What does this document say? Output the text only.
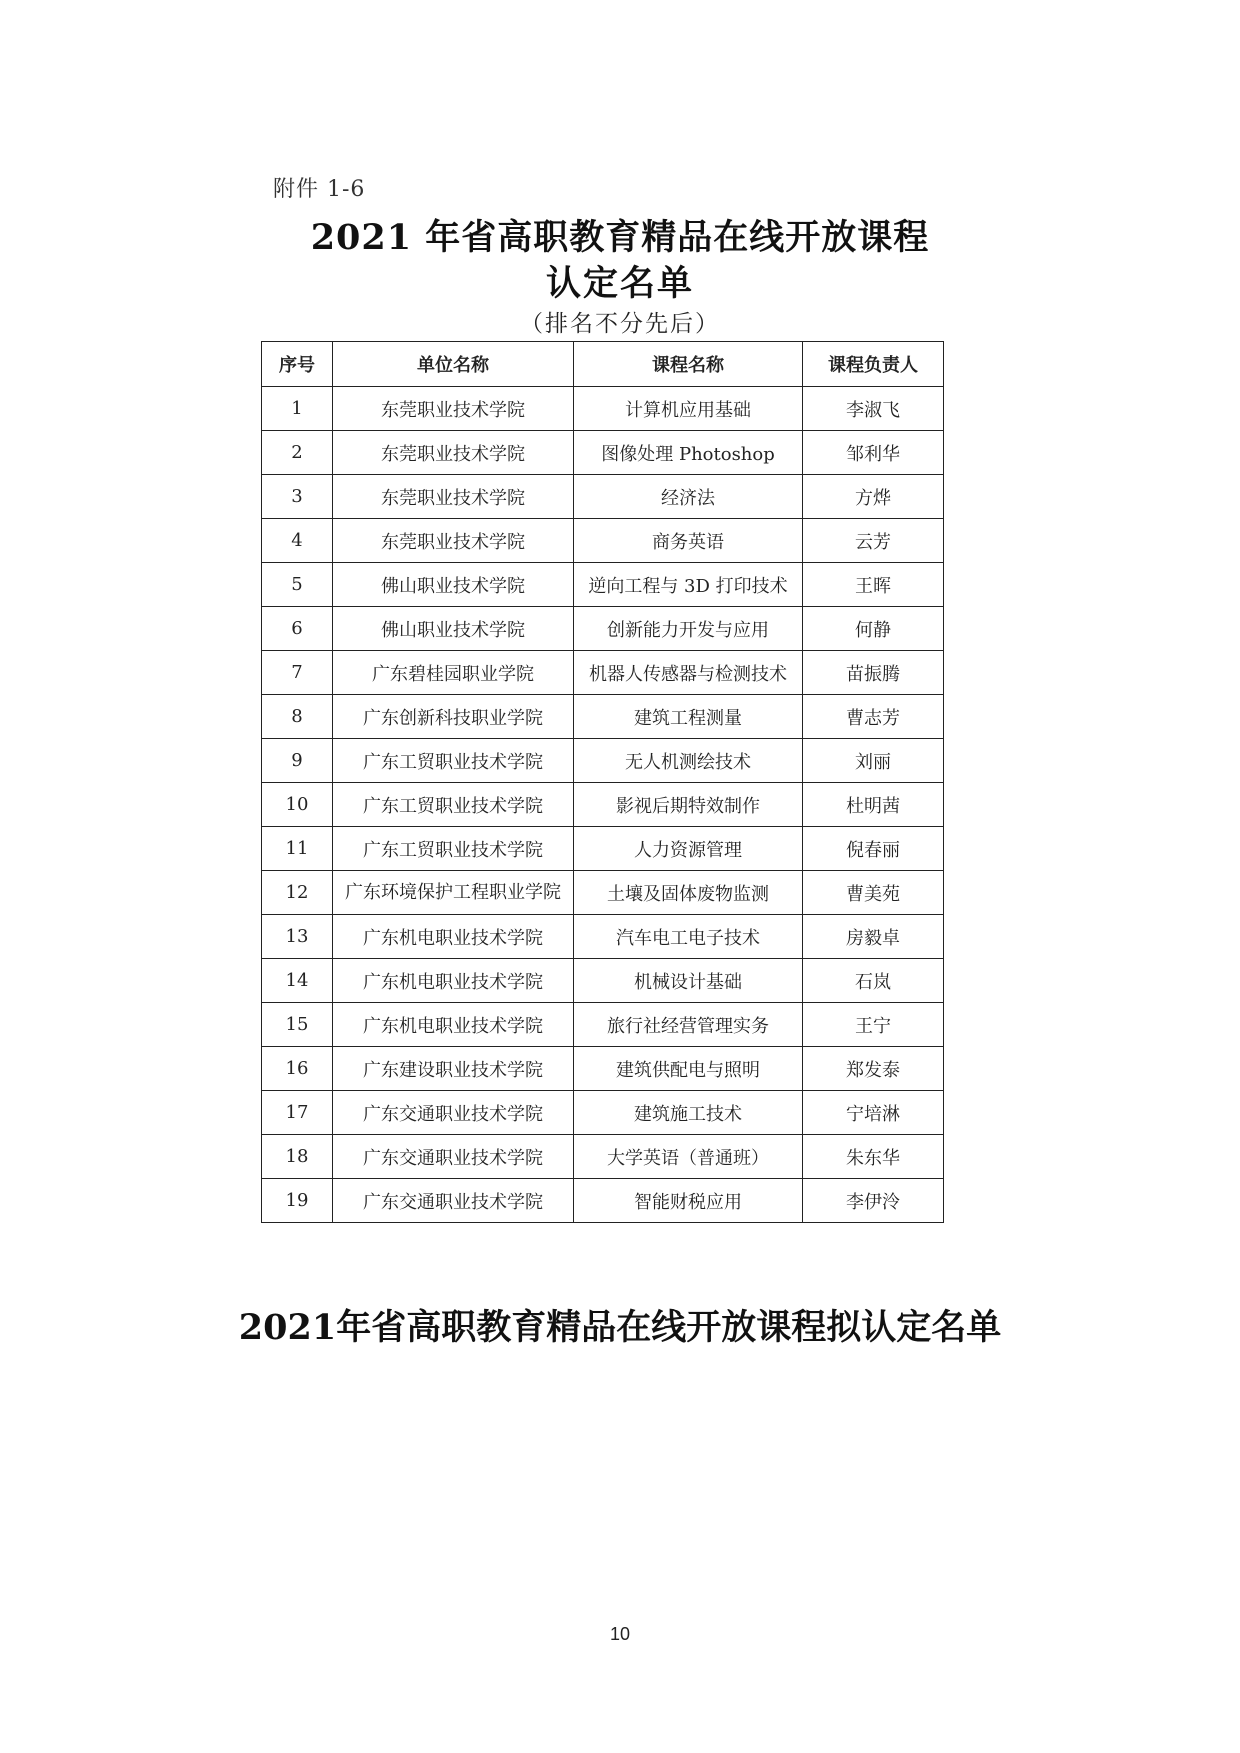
附件 1-6
2021 年省高职教育精品在线开放课程
认定名单
（排名不分先后）
序号	单位名称	课程名称	课程负责人
1	东莞职业技术学院	计算机应用基础	李淑飞
2	东莞职业技术学院	图像处理 Photoshop	邹利华
3	东莞职业技术学院	经济法	方烨
4	东莞职业技术学院	商务英语	云芳
5	佛山职业技术学院	逆向工程与 3D 打印技术	王晖
6	佛山职业技术学院	创新能力开发与应用	何静
7	广东碧桂园职业学院	机器人传感器与检测技术	苗振腾
8	广东创新科技职业学院	建筑工程测量	曹志芳
9	广东工贸职业技术学院	无人机测绘技术	刘丽
10	广东工贸职业技术学院	影视后期特效制作	杜明茜
11	广东工贸职业技术学院	人力资源管理	倪春丽
12	广东环境保护工程职业学院	土壤及固体废物监测	曹美苑
13	广东机电职业技术学院	汽车电工电子技术	房毅卓
14	广东机电职业技术学院	机械设计基础	石岚
15	广东机电职业技术学院	旅行社经营管理实务	王宁
16	广东建设职业技术学院	建筑供配电与照明	郑发泰
17	广东交通职业技术学院	建筑施工技术	宁培淋
18	广东交通职业技术学院	大学英语（普通班）	朱东华
19	广东交通职业技术学院	智能财税应用	李伊泠
2021年省高职教育精品在线开放课程拟认定名单
10
